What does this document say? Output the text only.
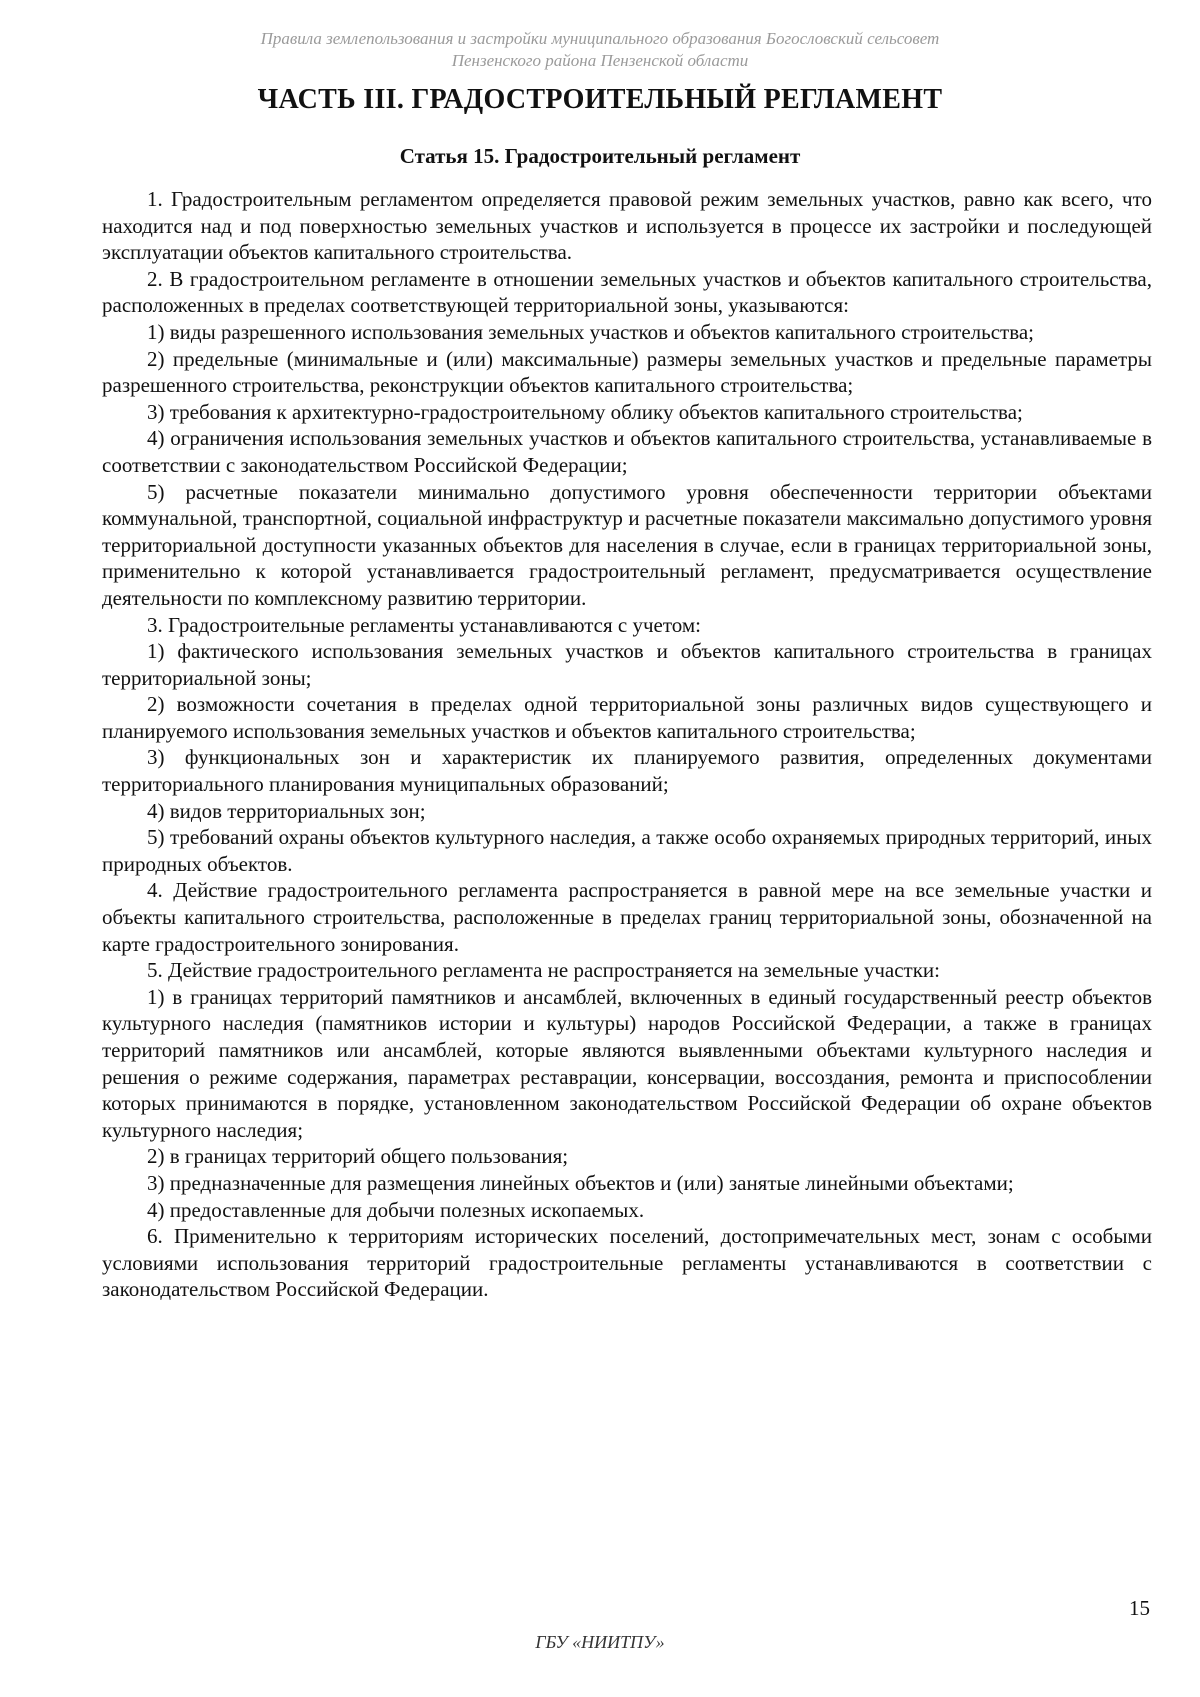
Правила землепользования и застройки муниципального образования Богословский сельсовет
Пензенского района Пензенской области
ЧАСТЬ III. ГРАДОСТРОИТЕЛЬНЫЙ РЕГЛАМЕНТ
Статья 15. Градостроительный регламент

1. Градостроительным регламентом определяется правовой режим земельных участков, равно как всего, что находится над и под поверхностью земельных участков и используется в процессе их застройки и последующей эксплуатации объектов капитального строительства.

2. В градостроительном регламенте в отношении земельных участков и объектов капитального строительства, расположенных в пределах соответствующей территориальной зоны, указываются:

1) виды разрешенного использования земельных участков и объектов капитального строительства;

2) предельные (минимальные и (или) максимальные) размеры земельных участков и предельные параметры разрешенного строительства, реконструкции объектов капитального строительства;

3) требования к архитектурно-градостроительному облику объектов капитального строительства;

4) ограничения использования земельных участков и объектов капитального строительства, устанавливаемые в соответствии с законодательством Российской Федерации;

5) расчетные показатели минимально допустимого уровня обеспеченности территории объектами коммунальной, транспортной, социальной инфраструктур и расчетные показатели максимально допустимого уровня территориальной доступности указанных объектов для населения в случае, если в границах территориальной зоны, применительно к которой устанавливается градостроительный регламент, предусматривается осуществление деятельности по комплексному развитию территории.

3. Градостроительные регламенты устанавливаются с учетом:

1) фактического использования земельных участков и объектов капитального строительства в границах территориальной зоны;

2) возможности сочетания в пределах одной территориальной зоны различных видов существующего и планируемого использования земельных участков и объектов капитального строительства;

3) функциональных зон и характеристик их планируемого развития, определенных документами территориального планирования муниципальных образований;

4) видов территориальных зон;

5) требований охраны объектов культурного наследия, а также особо охраняемых природных территорий, иных природных объектов.

4. Действие градостроительного регламента распространяется в равной мере на все земельные участки и объекты капитального строительства, расположенные в пределах границ территориальной зоны, обозначенной на карте градостроительного зонирования.

5. Действие градостроительного регламента не распространяется на земельные участки:

1) в границах территорий памятников и ансамблей, включенных в единый государственный реестр объектов культурного наследия (памятников истории и культуры) народов Российской Федерации, а также в границах территорий памятников или ансамблей, которые являются выявленными объектами культурного наследия и решения о режиме содержания, параметрах реставрации, консервации, воссоздания, ремонта и приспособлении которых принимаются в порядке, установленном законодательством Российской Федерации об охране объектов культурного наследия;

2) в границах территорий общего пользования;

3) предназначенные для размещения линейных объектов и (или) занятые линейными объектами;

4) предоставленные для добычи полезных ископаемых.

6. Применительно к территориям исторических поселений, достопримечательных мест, зонам с особыми условиями использования территорий градостроительные регламенты устанавливаются в соответствии с законодательством Российской Федерации.

15
ГБУ «НИИТПУ»
